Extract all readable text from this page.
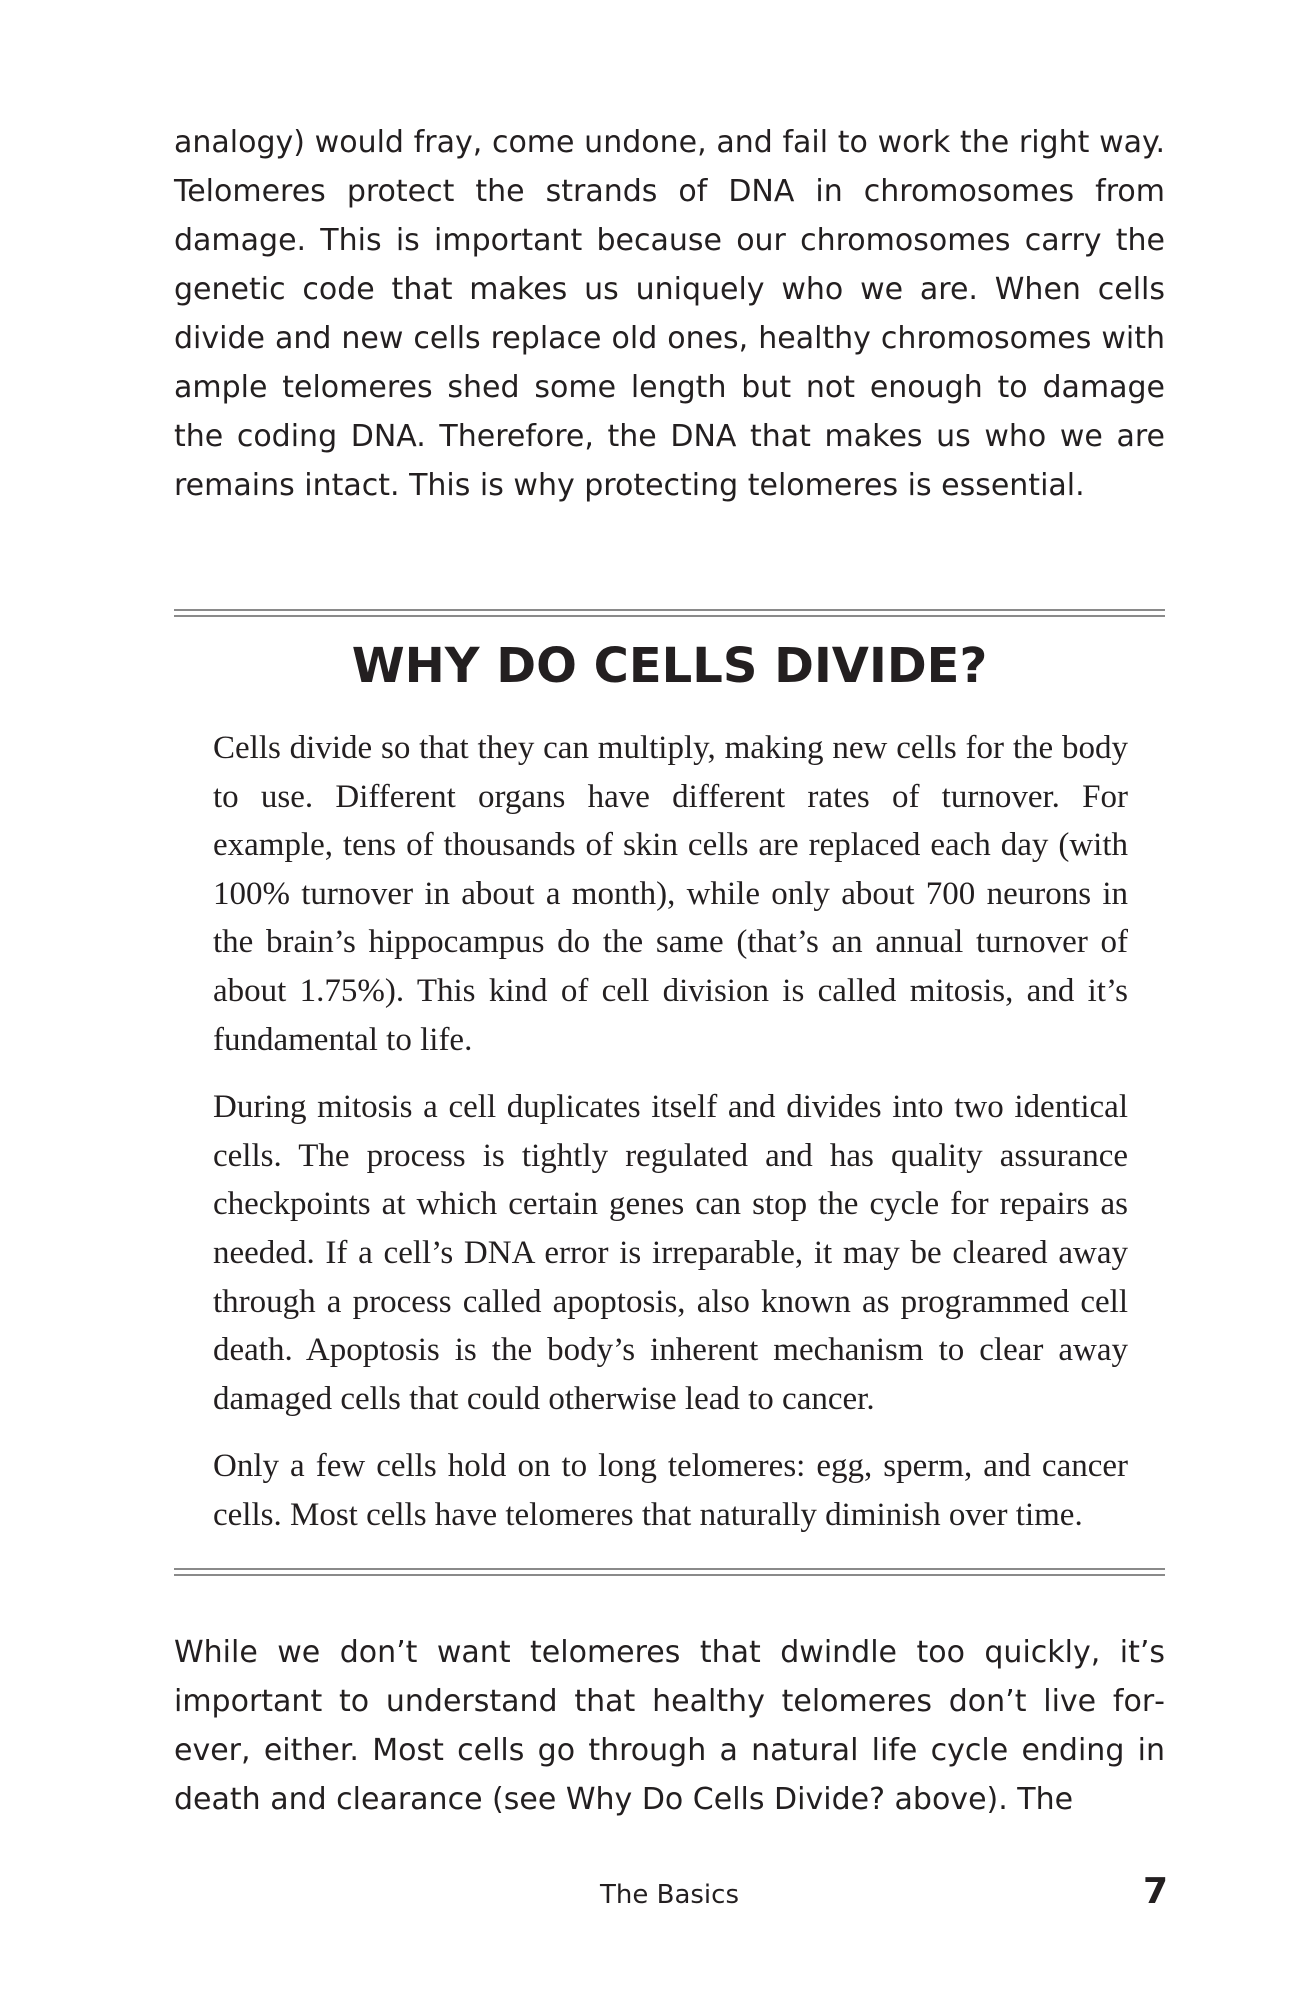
analogy) would fray, come undone, and fail to work the right way. Telomeres protect the strands of DNA in chromosomes from damage. This is important because our chromosomes carry the genetic code that makes us uniquely who we are. When cells divide and new cells replace old ones, healthy chromosomes with ample telomeres shed some length but not enough to damage the coding DNA. Therefore, the DNA that makes us who we are remains intact. This is why protecting telomeres is essential.

WHY DO CELLS DIVIDE?

Cells divide so that they can multiply, making new cells for the body to use. Different organs have different rates of turnover. For example, tens of thousands of skin cells are replaced each day (with 100% turnover in about a month), while only about 700 neurons in the brain’s hippocampus do the same (that’s an annual turnover of about 1.75%). This kind of cell division is called mitosis, and it’s fundamental to life.

During mitosis a cell duplicates itself and divides into two identical cells. The process is tightly regulated and has quality assurance checkpoints at which certain genes can stop the cycle for repairs as needed. If a cell’s DNA error is irreparable, it may be cleared away through a process called apoptosis, also known as programmed cell death. Apoptosis is the body’s inherent mechanism to clear away damaged cells that could otherwise lead to cancer.

Only a few cells hold on to long telomeres: egg, sperm, and cancer cells. Most cells have telomeres that naturally diminish over time.

While we don’t want telomeres that dwindle too quickly, it’s important to understand that healthy telomeres don’t live forever, either. Most cells go through a natural life cycle ending in death and clearance (see Why Do Cells Divide? above). The

The Basics	7
